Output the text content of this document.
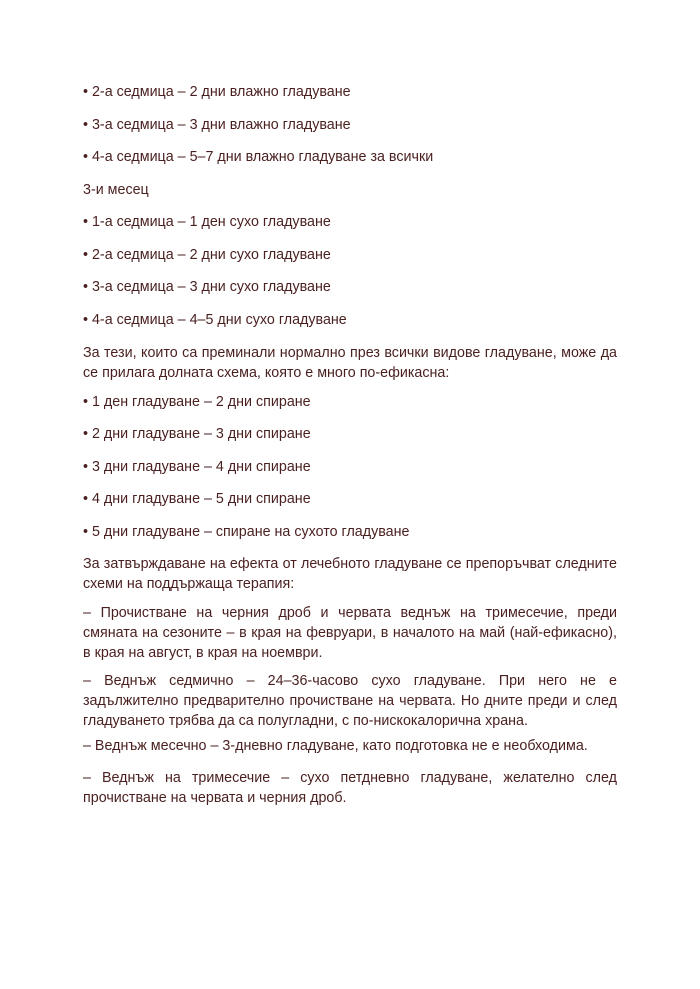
• 2-а седмица – 2 дни влажно гладуване

• 3-а седмица – 3 дни влажно гладуване

• 4-а седмица – 5–7 дни влажно гладуване за всички

3-и месец

• 1-а седмица – 1 ден сухо гладуване

• 2-а седмица – 2 дни сухо гладуване

• 3-а седмица – 3 дни сухо гладуване

• 4-а седмица – 4–5 дни сухо гладуване

За тези, които са преминали нормално през всички видове гладуване, може да се прилага долната схема, която е много по-ефикасна:

• 1 ден гладуване – 2 дни спиране

• 2 дни гладуване – 3 дни спиране

• 3 дни гладуване – 4 дни спиране

• 4 дни гладуване – 5 дни спиране

• 5 дни гладуване – спиране на сухото гладуване

За затвърждаване на ефекта от лечебното гладуване се препоръчват следните схеми на поддържаща терапия:

– Прочистване на черния дроб и червата веднъж на тримесечие, преди смяната на сезоните – в края на февруари, в началото на май (най-ефикасно), в края на август, в края на ноември.

– Веднъж седмично – 24–36-часово сухо гладуване. При него не е задължително предварително прочистване на червата. Но дните преди и след гладуването трябва да са полугладни, с по-нискокалорична храна.

– Веднъж месечно – 3-дневно гладуване, като подготовка не е необходима.

– Веднъж на тримесечие – сухо петдневно гладуване, желателно след прочистване на червата и черния дроб.
